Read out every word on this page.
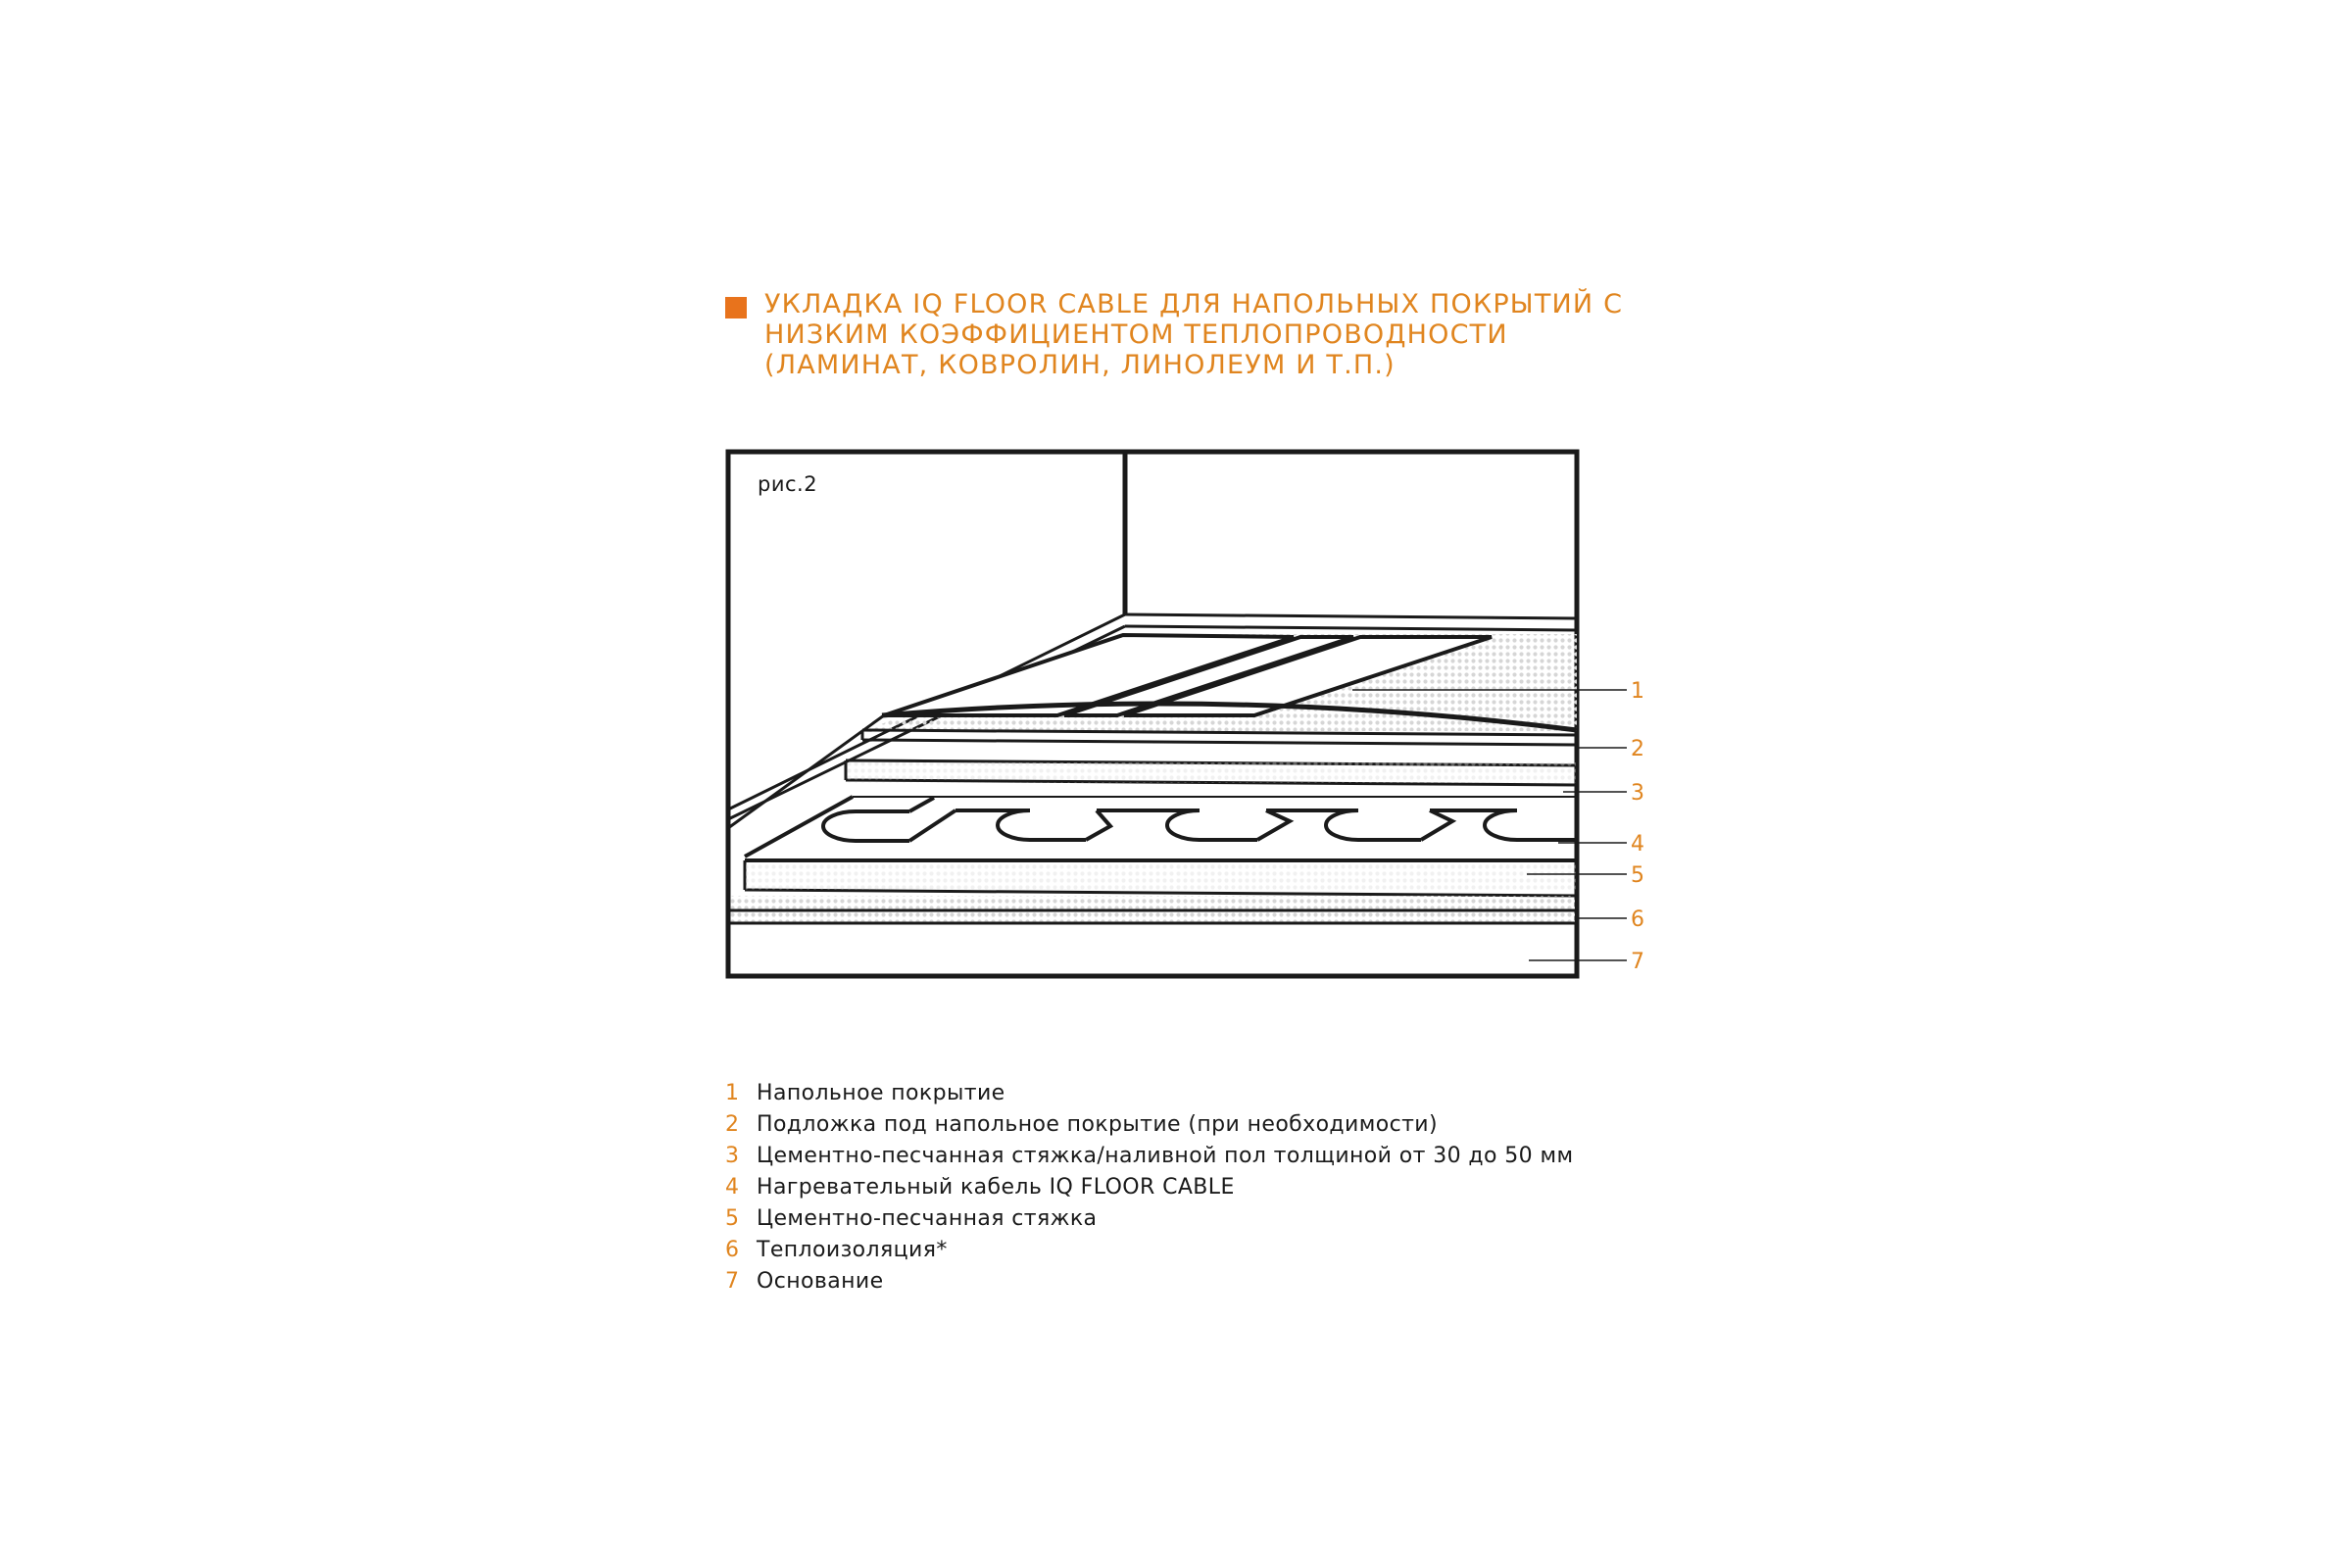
УКЛАДКА IQ FLOOR CABLE ДЛЯ НАПОЛЬНЫХ ПОКРЫТИЙ С
НИЗКИМ КОЭФФИЦИЕНТОМ ТЕПЛОПРОВОДНОСТИ
(ЛАМИНАТ, КОВРОЛИН, ЛИНОЛЕУМ И Т.П.)
1
2
3
4
5
6
7
рис.2
1 Напольное покрытие
2 Подложка под напольное покрытие (при необходимости)
3 Цементно-песчанная стяжка/наливной пол толщиной от 30 до 50 мм
4 Нагревательный кабель IQ FLOOR CABLE
5 Цементно-песчанная стяжка
6 Теплоизоляция*
7 Основание
